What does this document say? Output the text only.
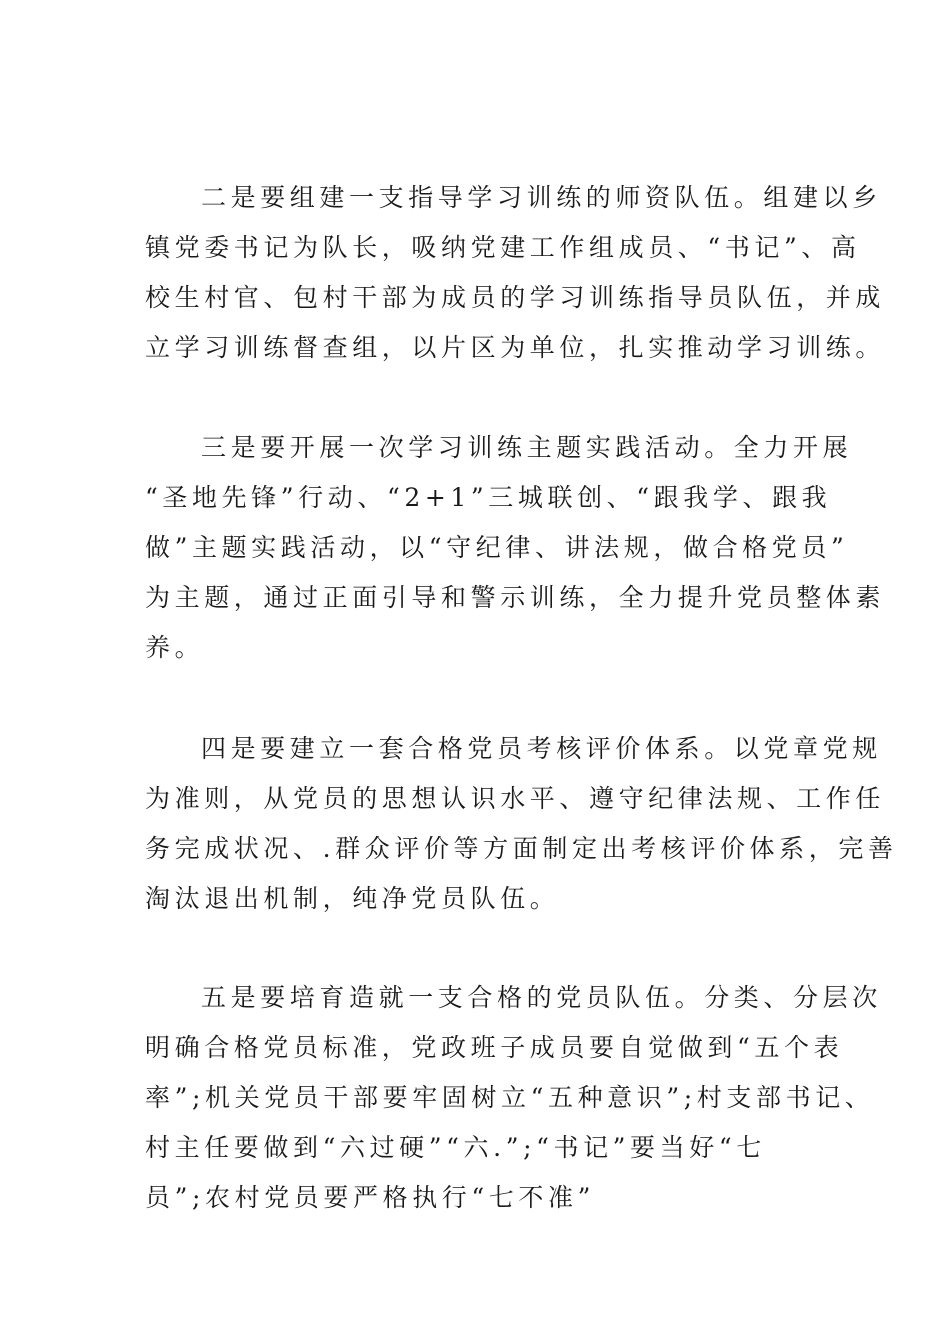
二是要组建一支指导学习训练的师资队伍。组建以乡
镇党委书记为队长，吸纳党建工作组成员、“书记”、高
校生村官、包村干部为成员的学习训练指导员队伍，并成
立学习训练督查组，以片区为单位，扎实推动学习训练。
三是要开展一次学习训练主题实践活动。全力开展
“圣地先锋”行动、“2+1”三城联创、“跟我学、跟我
做”主题实践活动，以“守纪律、讲法规，做合格党员”
为主题，通过正面引导和警示训练，全力提升党员整体素
养。
四是要建立一套合格党员考核评价体系。以党章党规
为准则，从党员的思想认识水平、遵守纪律法规、工作任
务完成状况、.群众评价等方面制定出考核评价体系，完善
淘汰退出机制，纯净党员队伍。
五是要培育造就一支合格的党员队伍。分类、分层次
明确合格党员标准，党政班子成员要自觉做到“五个表
率”;机关党员干部要牢固树立“五种意识”;村支部书记、
村主任要做到“六过硬”“六.”;“书记”要当好“七
员”;农村党员要严格执行“七不准”
